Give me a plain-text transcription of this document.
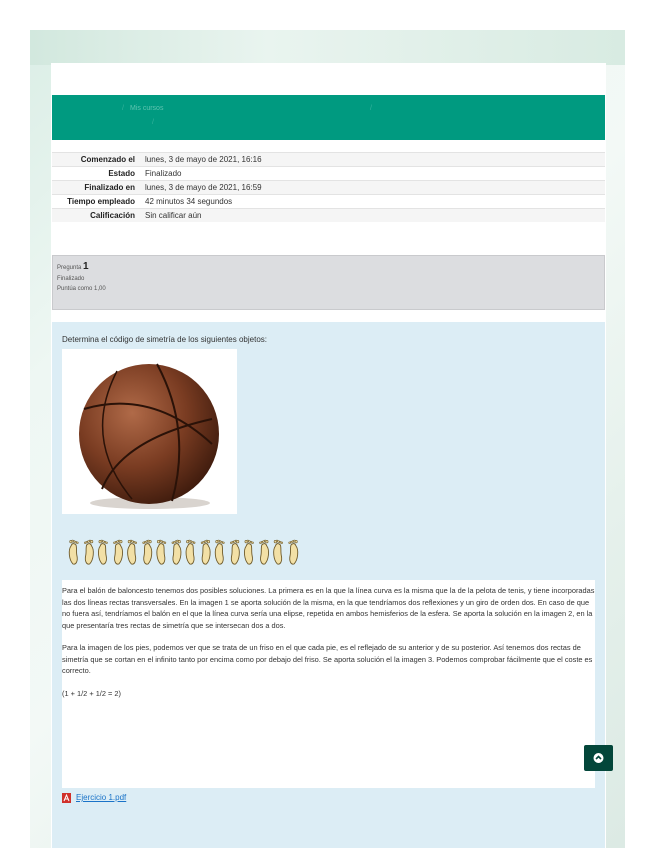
/ Mis cursos
/
/
Comenzado el	lunes, 3 de mayo de 2021, 16:16
Estado	Finalizado
Finalizado en	lunes, 3 de mayo de 2021, 16:59
Tiempo empleado	42 minutos 34 segundos
Calificación	Sin calificar aún
Pregunta 1
Finalizado
Puntúa como 1,00
Determina el código de simetría de los siguientes objetos:

Para el balón de baloncesto tenemos dos posibles soluciones. La primera es en la que la línea curva es la misma que la de la pelota de tenis, y tiene incorporadas las dos líneas rectas transversales. En la imagen 1 se aporta solución de la misma, en la que tendríamos dos reflexiones y un giro de orden dos. En caso de que no fuera así, tendríamos el balón en el que la línea curva sería una elipse, repetida en ambos hemisferios de la esfera. Se aporta la solución en la imagen 2, en la que presentaría tres rectas de simetría que se intersecan dos a dos.

Para la imagen de los pies, podemos ver que se trata de un friso en el que cada pie, es el reflejado de su anterior y de su posterior. Así tenemos dos rectas de simetría que se cortan en el infinito tanto por encima como por debajo del friso. Se aporta solución el la imagen 3. Podemos comprobar fácilmente que el coste es correcto.

(1 + 1/2 + 1/2 = 2)

Ejercicio 1.pdf
